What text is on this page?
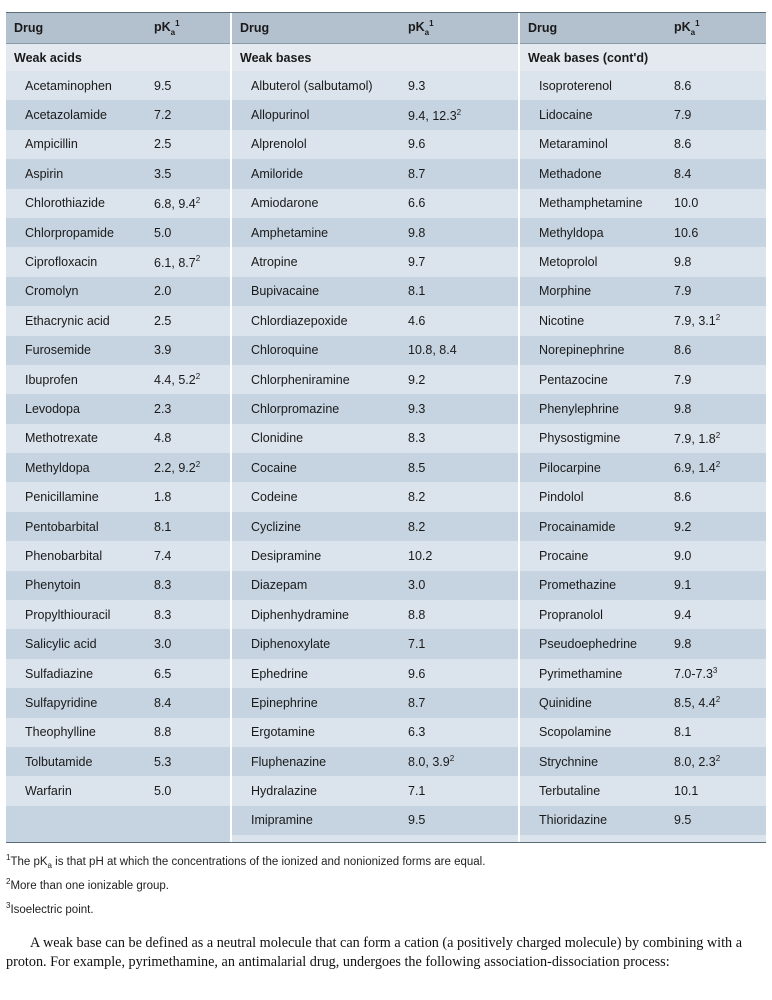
Drug	$pK_a^1$
Weak acids
Acetaminophen	9.5
Acetazolamide	7.2
Ampicillin	2.5
Aspirin	3.5
Chlorothiazide	6.8, $9.4^2$
Chlorpropamide	5.0
Ciprofloxacin	6.1, $8.7^2$
Cromolyn	2.0
Ethacrynic acid	2.5
Furosemide	3.9
Ibuprofen	4.4, $5.2^2$
Levodopa	2.3
Methotrexate	4.8
Methyldopa	2.2, $9.2^2$
Penicillamine	1.8
Pentobarbital	8.1
Phenobarbital	7.4
Phenytoin	8.3
Propylthiouracil	8.3
Salicylic acid	3.0
Sulfadiazine	6.5
Sulfapyridine	8.4
Theophylline	8.8
Tolbutamide	5.3
Warfarin	5.0
Drug	$pK_a^1$
Weak bases
Albuterol (salbutamol)	9.3
Allopurinol	9.4, 12.3$^2$
Alprenolol	9.6
Amiloride	8.7
Amiodarone	6.6
Amphetamine	9.8
Atropine	9.7
Bupivacaine	8.1
Chlordiazepoxide	4.6
Chloroquine	10.8, 8.4
Chlorpheniramine	9.2
Chlorpromazine	9.3
Clonidine	8.3
Cocaine	8.5
Codeine	8.2
Cyclizine	8.2
Desipramine	10.2
Diazepam	3.0
Diphenhydramine	8.8
Diphenoxylate	7.1
Ephedrine	9.6
Epinephrine	8.7
Ergotamine	6.3
Fluphenazine	8.0, $3.9^2$
Hydralazine	7.1
Imipramine	9.5
Drug	$pK_a^1$
Weak bases (cont'd)
Isoproterenol	8.6
Lidocaine	7.9
Metaraminol	8.6
Methadone	8.4
Methamphetamine	10.0
Methyldopa	10.6
Metoprolol	9.8
Morphine	7.9
Nicotine	7.9, $3.1^2$
Norepinephrine	8.6
Pentazocine	7.9
Phenylephrine	9.8
Physostigmine	7.9, $1.8^2$
Pilocarpine	6.9, $1.4^2$
Pindolol	8.6
Procainamide	9.2
Procaine	9.0
Promethazine	9.1
Propranolol	9.4
Pseudoephedrine	9.8
Pyrimethamine	$7.0-7.3^3$
Quinidine	8.5, $4.4^2$
Scopolamine	8.1
Strychnine	8.0, $2.3^2$
Terbutaline	10.1
Thioridazine	9.5
$^1$The $pK_a$ is that pH at which the concentrations of the ionized and nonionized forms are equal.
$^2$More than one ionizable group.
$^3$Isoelectric point.
A weak base can be defined as a neutral molecule that can form a cation (a positively charged molecule) by combining with a proton. For example, pyrimethamine, an antimalarial drug, undergoes the following association-dissociation process:
